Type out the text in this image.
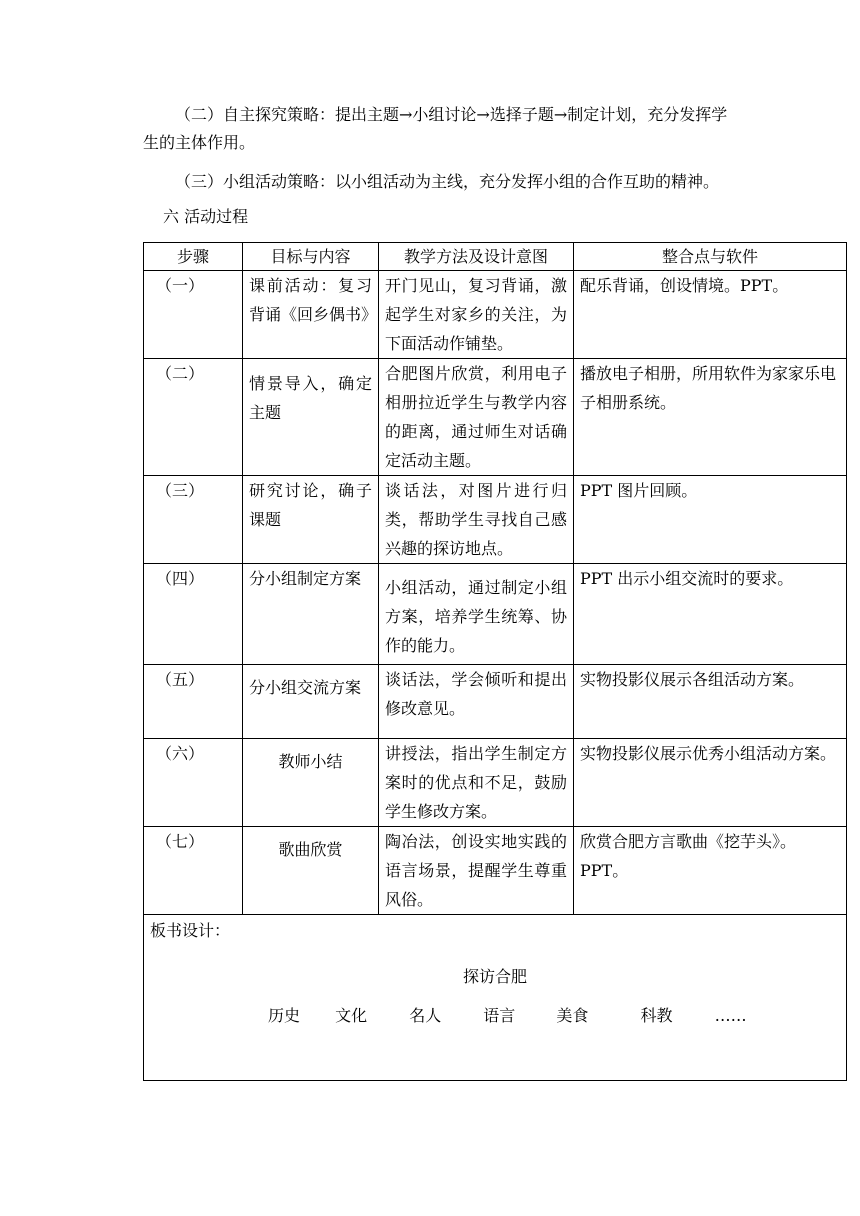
（二）自主探究策略：提出主题→小组讨论→选择子题→制定计划，充分发挥学生的主体作用。
（三）小组活动策略：以小组活动为主线，充分发挥小组的合作互助的精神。
六 活动过程
步骤	目标与内容	教学方法及设计意图	整合点与软件
（一）	课前活动：复习背诵《回乡偶书》	开门见山，复习背诵，激起学生对家乡的关注，为下面活动作铺垫。	配乐背诵，创设情境。PPT。
（二）	情景导入，确定主题	合肥图片欣赏，利用电子相册拉近学生与教学内容的距离，通过师生对话确定活动主题。	播放电子相册，所用软件为家家乐电子相册系统。
（三）	研究讨论，确子课题	谈话法，对图片进行归类，帮助学生寻找自己感兴趣的探访地点。	PPT 图片回顾。
（四）	分小组制定方案	小组活动，通过制定小组方案，培养学生统筹、协作的能力。	PPT 出示小组交流时的要求。
（五）	分小组交流方案	谈话法，学会倾听和提出修改意见。	实物投影仪展示各组活动方案。
（六）	教师小结	讲授法，指出学生制定方案时的优点和不足，鼓励学生修改方案。	实物投影仪展示优秀小组活动方案。
（七）	歌曲欣赏	陶冶法，创设实地实践的语言场景，提醒学生尊重风俗。	欣赏合肥方言歌曲《挖芋头》。PPT。

板书设计：
探访合肥
历史 文化 名人 语言 美食 科教 ……			
